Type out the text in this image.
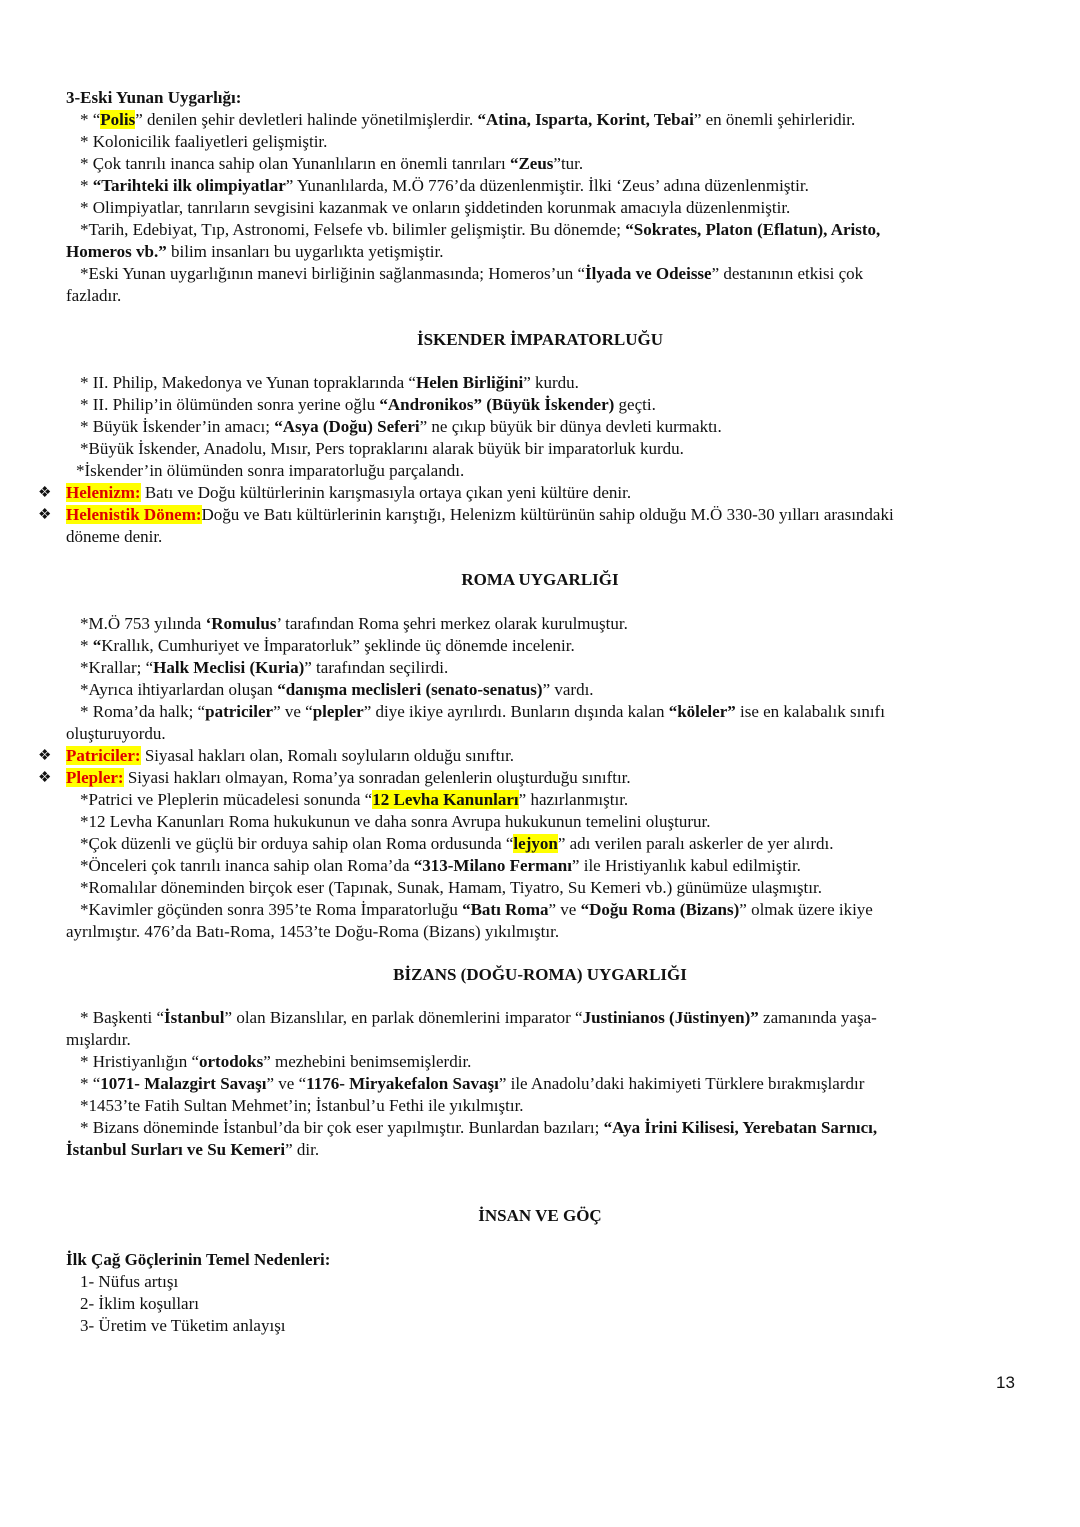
3-Eski Yunan Uygarlığı:
* “Polis” denilen şehir devletleri halinde yönetilmişlerdir. “Atina, Isparta, Korint, Tebai” en önemli şehirleridir.
* Kolonicilik faaliyetleri gelişmiştir.
* Çok tanrılı inanca sahip olan Yunanlıların en önemli tanrıları “Zeus”tur.
* “Tarihteki ilk olimpiyatlar” Yunanlılarda, M.Ö 776’da düzenlenmiştir. İlki ‘Zeus’ adına düzenlenmiştir.
* Olimpiyatlar, tanrıların sevgisini kazanmak ve onların şiddetinden korunmak amacıyla düzenlenmiştir.
*Tarih, Edebiyat, Tıp, Astronomi, Felsefe vb. bilimler gelişmiştir. Bu dönemde; “Sokrates, Platon (Eflatun), Aristo,
Homeros vb.” bilim insanları bu uygarlıkta yetişmiştir.
*Eski Yunan uygarlığının manevi birliğinin sağlanmasında; Homeros’un “İlyada ve Odeisse” destanının etkisi çok
fazladır.
İSKENDER İMPARATORLUĞU
* II. Philip, Makedonya ve Yunan topraklarında “Helen Birliğini” kurdu.
* II. Philip’in ölümünden sonra yerine oğlu “Andronikos” (Büyük İskender) geçti.
* Büyük İskender’in amacı; “Asya (Doğu) Seferi” ne çıkıp büyük bir dünya devleti kurmaktı.
*Büyük İskender, Anadolu, Mısır, Pers topraklarını alarak büyük bir imparatorluk kurdu.
*İskender’in ölümünden sonra imparatorluğu parçalandı.
❖ Helenizm: Batı ve Doğu kültürlerinin karışmasıyla ortaya çıkan yeni kültüre denir.
❖ Helenistik Dönem:Doğu ve Batı kültürlerinin karıştığı, Helenizm kültürünün sahip olduğu M.Ö 330-30 yılları arasındaki
döneme denir.
ROMA UYGARLIĞI
*M.Ö 753 yılında ‘Romulus’ tarafından Roma şehri merkez olarak kurulmuştur.
* “Krallık, Cumhuriyet ve İmparatorluk” şeklinde üç dönemde incelenir.
*Krallar; “Halk Meclisi (Kuria)” tarafından seçilirdi.
*Ayrıca ihtiyarlardan oluşan “danışma meclisleri (senato-senatus)” vardı.
* Roma’da halk; “patriciler” ve “plepler” diye ikiye ayrılırdı. Bunların dışında kalan “köleler” ise en kalabalık sınıfı
oluşturuyordu.
❖ Patriciler: Siyasal hakları olan, Romalı soyluların olduğu sınıftır.
❖ Plepler: Siyasi hakları olmayan, Roma’ya sonradan gelenlerin oluşturduğu sınıftır.
*Patrici ve Pleplerin mücadelesi sonunda “12 Levha Kanunları” hazırlanmıştır.
*12 Levha Kanunları Roma hukukunun ve daha sonra Avrupa hukukunun temelini oluşturur.
*Çok düzenli ve güçlü bir orduya sahip olan Roma ordusunda “lejyon” adı verilen paralı askerler de yer alırdı.
*Önceleri çok tanrılı inanca sahip olan Roma’da “313-Milano Fermanı” ile Hristiyanlık kabul edilmiştir.
*Romalılar döneminden birçok eser (Tapınak, Sunak, Hamam, Tiyatro, Su Kemeri vb.) günümüze ulaşmıştır.
*Kavimler göçünden sonra 395’te Roma İmparatorluğu “Batı Roma” ve “Doğu Roma (Bizans)” olmak üzere ikiye
ayrılmıştır. 476’da Batı-Roma, 1453’te Doğu-Roma (Bizans) yıkılmıştır.
BİZANS (DOĞU-ROMA) UYGARLIĞI
* Başkenti “İstanbul” olan Bizanslılar, en parlak dönemlerini imparator “Justinianos (Jüstinyen)” zamanında yaşa-
mışlardır.
* Hristiyanlığın “ortodoks” mezhebini benimsemişlerdir.
* “1071- Malazgirt Savaşı” ve “1176- Miryakefalon Savaşı” ile Anadolu’daki hakimiyeti Türklere bırakmışlardır
*1453’te Fatih Sultan Mehmet’in; İstanbul’u Fethi ile yıkılmıştır.
* Bizans döneminde İstanbul’da bir çok eser yapılmıştır. Bunlardan bazıları; “Aya İrini Kilisesi, Yerebatan Sarnıcı,
İstanbul Surları ve Su Kemeri” dir.
İNSAN VE GÖÇ
İlk Çağ Göçlerinin Temel Nedenleri:
1- Nüfus artışı
2- İklim koşulları
3- Üretim ve Tüketim anlayışı
13
